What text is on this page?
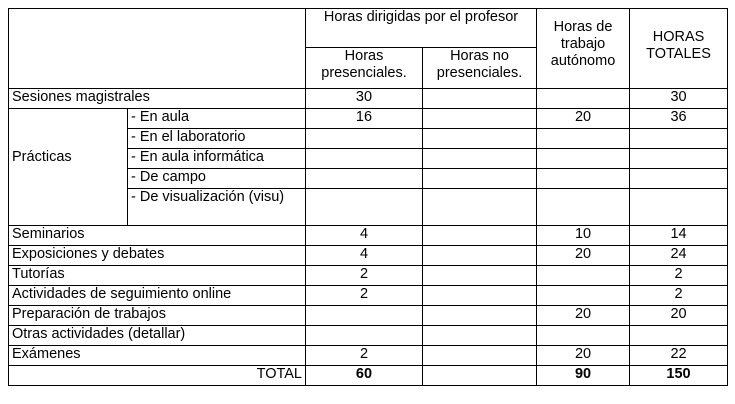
		Horas dirigidas por el profesor		Horas de trabajo autónomo	HORAS TOTALES
		Horas presenciales.	Horas no presenciales.		
Sesiones magistrales		30			30
Prácticas	- En aula	16		20	36
	- En el laboratorio				
	- En aula informática				
	- De campo				
	- De visualización (visu)				
Seminarios		4		10	14
Exposiciones y debates		4		20	24
Tutorías		2			2
Actividades de seguimiento online		2			2
Preparación de trabajos				20	20
Otras actividades (detallar)					
Exámenes		2		20	22
TOTAL		60		90	150
